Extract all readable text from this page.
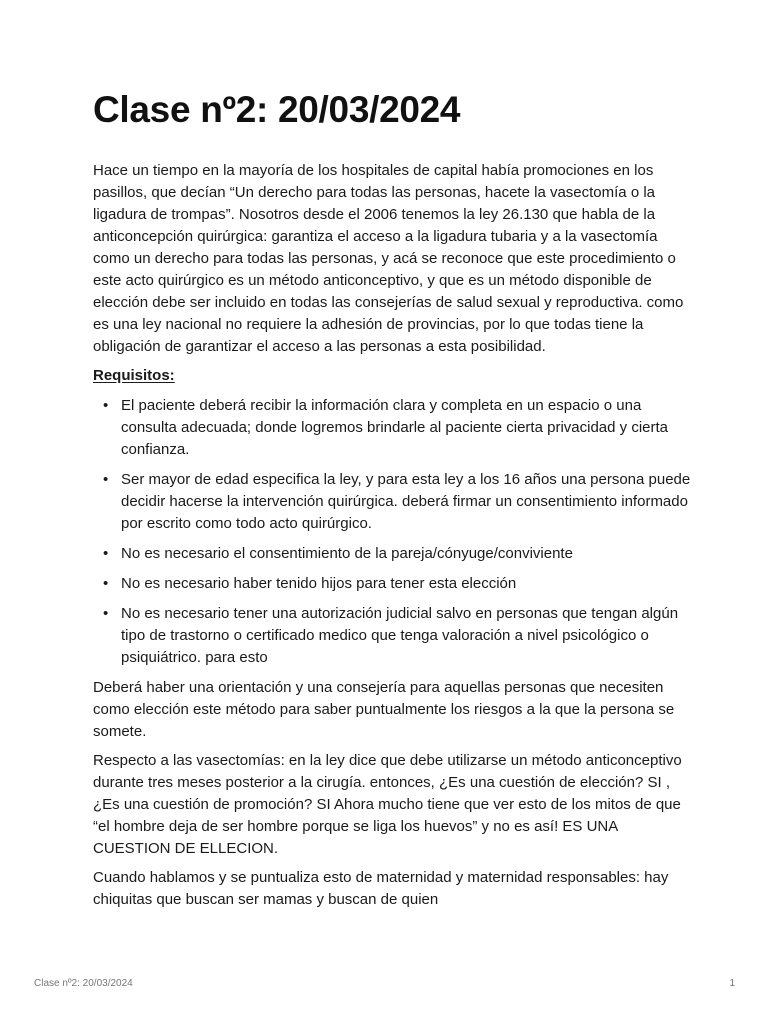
Clase nº2: 20/03/2024

Hace un tiempo en la mayoría de los hospitales de capital había promociones en los pasillos, que decían “Un derecho para todas las personas, hacete la vasectomía o la ligadura de trompas”. Nosotros desde el 2006 tenemos la ley 26.130 que habla de la anticoncepción quirúrgica: garantiza el acceso a la ligadura tubaria y a la vasectomía como un derecho para todas las personas, y acá se reconoce que este procedimiento o este acto quirúrgico es un método anticonceptivo, y que es un método disponible de elección debe ser incluido en todas las consejerías de salud sexual y reproductiva. como es una ley nacional no requiere la adhesión de provincias, por lo que todas tiene la obligación de garantizar el acceso a las personas a esta posibilidad.

Requisitos:
• El paciente deberá recibir la información clara y completa en un espacio o una consulta adecuada; donde logremos brindarle al paciente cierta privacidad y cierta confianza.
• Ser mayor de edad especifica la ley, y para esta ley a los 16 años una persona puede decidir hacerse la intervención quirúrgica. deberá firmar un consentimiento informado por escrito como todo acto quirúrgico.
• No es necesario el consentimiento de la pareja/cónyuge/conviviente
• No es necesario haber tenido hijos para tener esta elección
• No es necesario tener una autorización judicial salvo en personas que tengan algún tipo de trastorno o certificado medico que tenga valoración a nivel psicológico o psiquiátrico. para esto

Deberá haber una orientación y una consejería para aquellas personas que necesiten como elección este método para saber puntualmente los riesgos a la que la persona se somete.

Respecto a las vasectomías: en la ley dice que debe utilizarse un método anticonceptivo durante tres meses posterior a la cirugía. entonces, ¿Es una cuestión de elección? SI , ¿Es una cuestión de promoción? SI Ahora mucho tiene que ver esto de los mitos de que “el hombre deja de ser hombre porque se liga los huevos” y no es así! ES UNA CUESTION DE ELLECION.

Cuando hablamos y se puntualiza esto de maternidad y maternidad responsables: hay chiquitas que buscan ser mamas y buscan de quien

Clase nº2: 20/03/2024	1
